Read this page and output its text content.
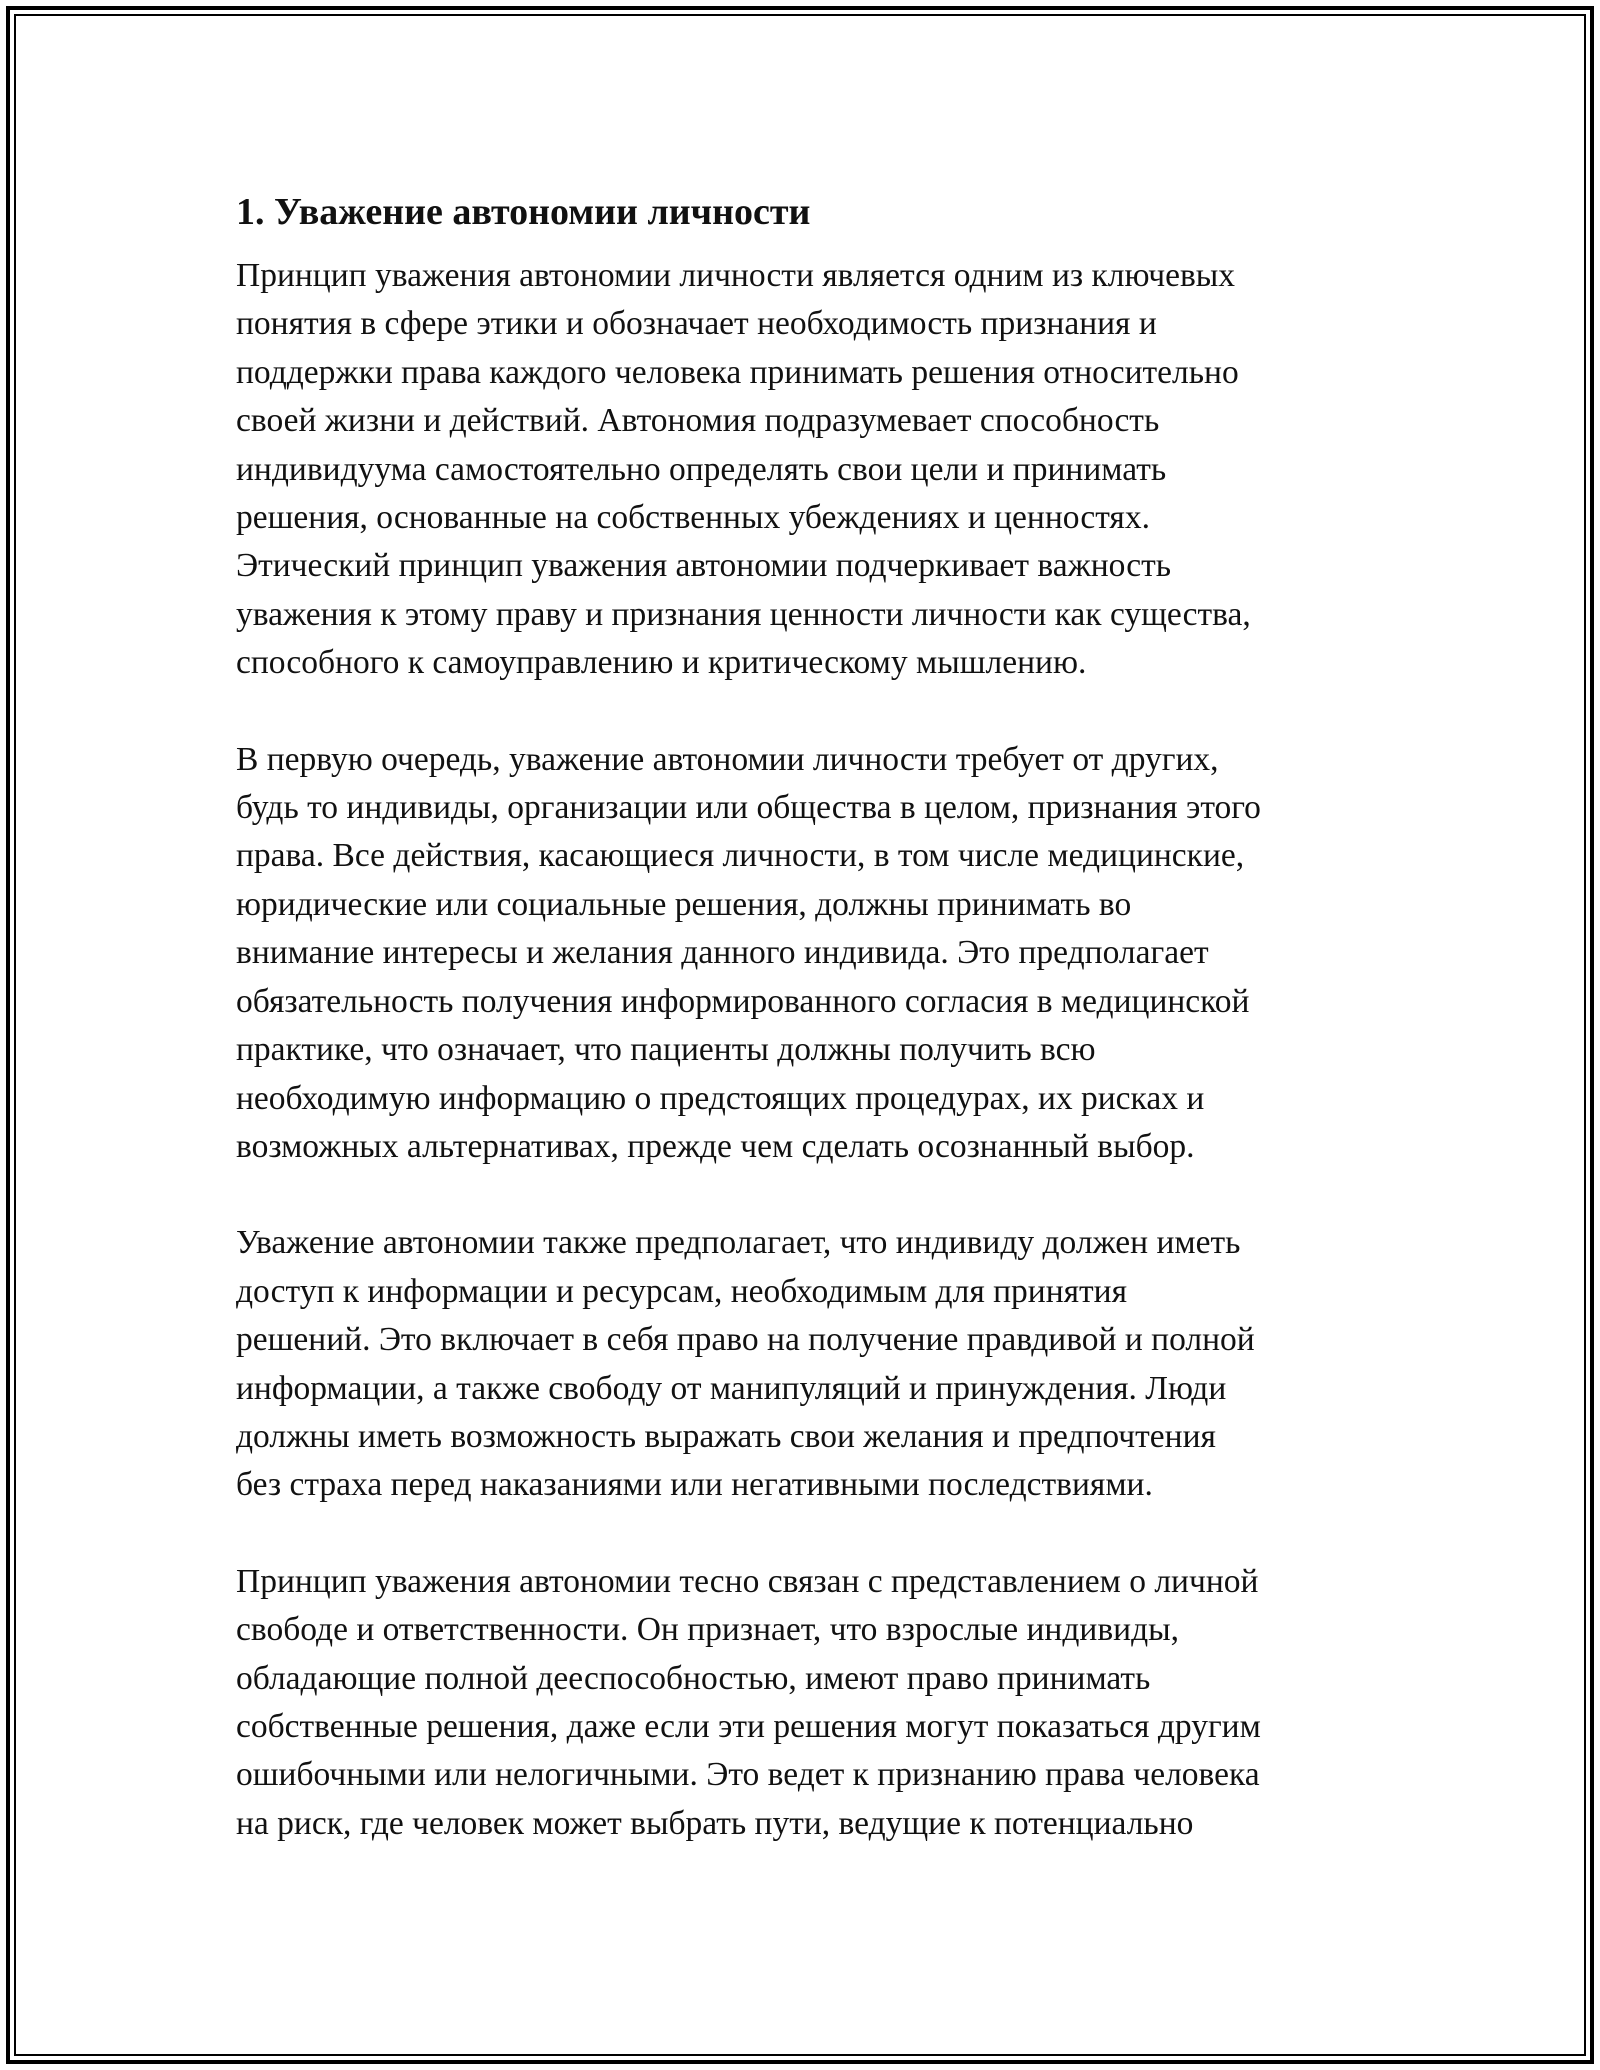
1. Уважение автономии личности
Принцип уважения автономии личности является одним из ключевых
понятия в сфере этики и обозначает необходимость признания и
поддержки права каждого человека принимать решения относительно
своей жизни и действий. Автономия подразумевает способность
индивидуума самостоятельно определять свои цели и принимать
решения, основанные на собственных убеждениях и ценностях.
Этический принцип уважения автономии подчеркивает важность
уважения к этому праву и признания ценности личности как существа,
способного к самоуправлению и критическому мышлению.
В первую очередь, уважение автономии личности требует от других,
будь то индивиды, организации или общества в целом, признания этого
права. Все действия, касающиеся личности, в том числе медицинские,
юридические или социальные решения, должны принимать во
внимание интересы и желания данного индивида. Это предполагает
обязательность получения информированного согласия в медицинской
практике, что означает, что пациенты должны получить всю
необходимую информацию о предстоящих процедурах, их рисках и
возможных альтернативах, прежде чем сделать осознанный выбор.
Уважение автономии также предполагает, что индивиду должен иметь
доступ к информации и ресурсам, необходимым для принятия
решений. Это включает в себя право на получение правдивой и полной
информации, а также свободу от манипуляций и принуждения. Люди
должны иметь возможность выражать свои желания и предпочтения
без страха перед наказаниями или негативными последствиями.
Принцип уважения автономии тесно связан с представлением о личной
свободе и ответственности. Он признает, что взрослые индивиды,
обладающие полной дееспособностью, имеют право принимать
собственные решения, даже если эти решения могут показаться другим
ошибочными или нелогичными. Это ведет к признанию права человека
на риск, где человек может выбрать пути, ведущие к потенциально
